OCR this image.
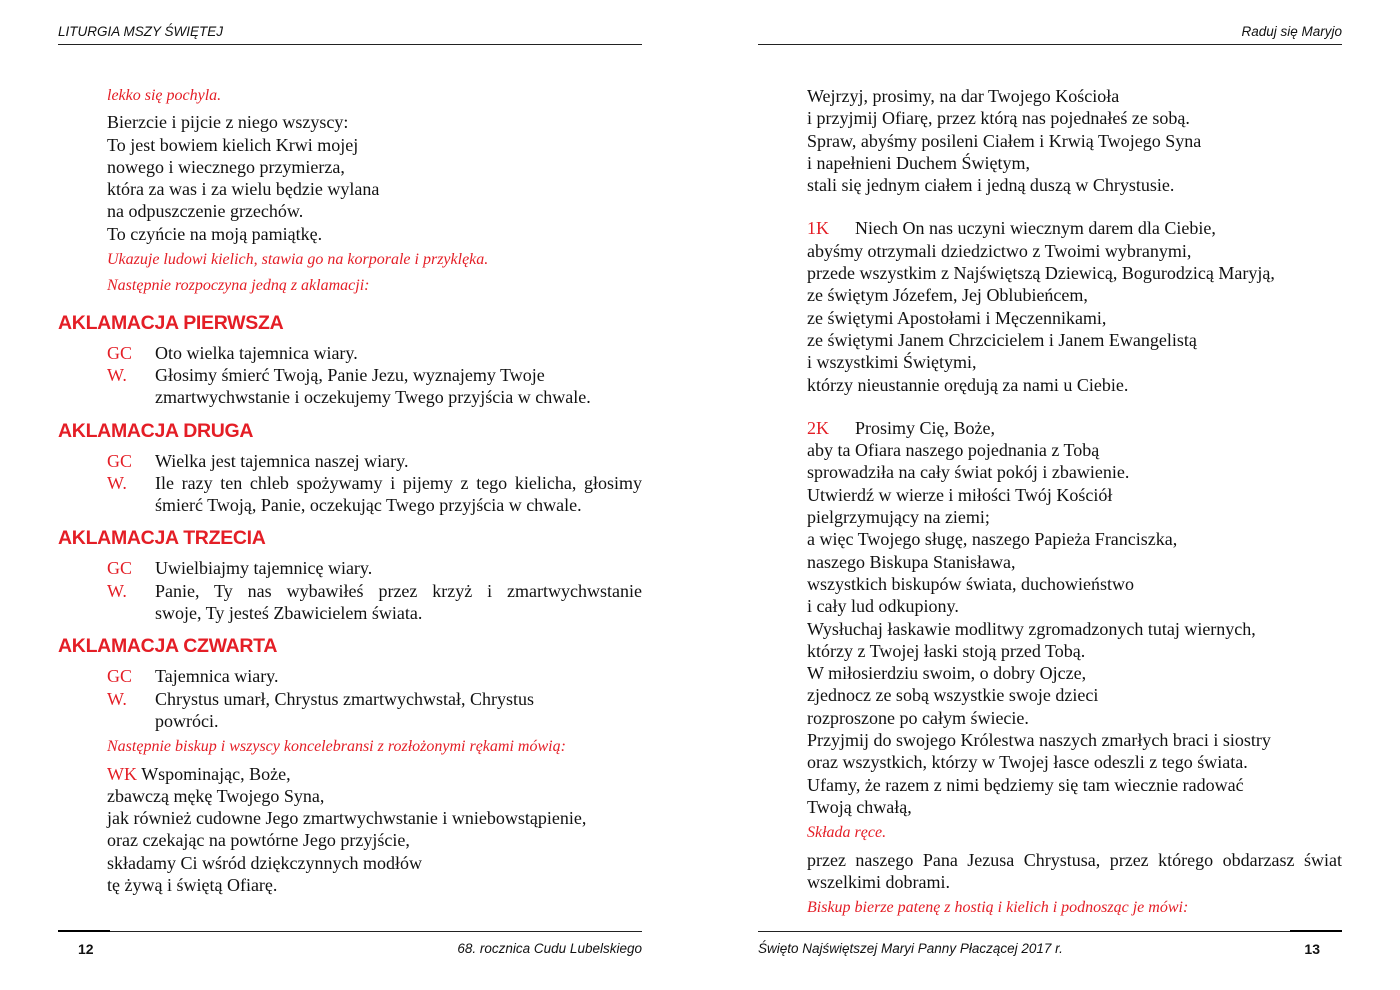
LITURGIA MSZY ŚWIĘTEJ
lekko się pochyla.
Bierzcie i pijcie z niego wszyscy:
To jest bowiem kielich Krwi mojej
nowego i wiecznego przymierza,
która za was i za wielu będzie wylana
na odpuszczenie grzechów.
To czyńcie na moją pamiątkę.
Ukazuje ludowi kielich, stawia go na korporale i przyklęka.
Następnie rozpoczyna jedną z aklamacji:
AKLAMACJA PIERWSZA
GC	Oto wielka tajemnica wiary.
W.	Głosimy śmierć Twoją, Panie Jezu, wyznajemy Twoje
zmartwychwstanie i oczekujemy Twego przyjścia w chwale.
AKLAMACJA DRUGA
GC	Wielka jest tajemnica naszej wiary.
W.	Ile razy ten chleb spożywamy i pijemy z tego kielicha, głosimy
śmierć Twoją, Panie, oczekując Twego przyjścia w chwale.
AKLAMACJA TRZECIA
GC	Uwielbiajmy tajemnicę wiary.
W.	Panie, Ty nas wybawiłeś przez krzyż i zmartwychwstanie
swoje, Ty jesteś Zbawicielem świata.
AKLAMACJA CZWARTA
GC	Tajemnica wiary.
W.	Chrystus umarł, Chrystus zmartwychwstał, Chrystus
powróci.
Następnie biskup i wszyscy koncelebransi z rozłożonymi rękami mówią:
WK Wspominając, Boże,
zbawczą mękę Twojego Syna,
jak również cudowne Jego zmartwychwstanie i wniebowstąpienie,
oraz czekając na powtórne Jego przyjście,
składamy Ci wśród dziękczynnych modłów
tę żywą i świętą Ofiarę.
12	68. rocznica Cudu Lubelskiego
Raduj się Maryjo
Wejrzyj, prosimy, na dar Twojego Kościoła
i przyjmij Ofiarę, przez którą nas pojednałeś ze sobą.
Spraw, abyśmy posileni Ciałem i Krwią Twojego Syna
i napełnieni Duchem Świętym,
stali się jednym ciałem i jedną duszą w Chrystusie.
1K Niech On nas uczyni wiecznym darem dla Ciebie,
abyśmy otrzymali dziedzictwo z Twoimi wybranymi,
przede wszystkim z Najświętszą Dziewicą, Bogurodzicą Maryją,
ze świętym Józefem, Jej Oblubieńcem,
ze świętymi Apostołami i Męczennikami,
ze świętymi Janem Chrzcicielem i Janem Ewangelistą
i wszystkimi Świętymi,
którzy nieustannie orędują za nami u Ciebie.
2K Prosimy Cię, Boże,
aby ta Ofiara naszego pojednania z Tobą
sprowadziła na cały świat pokój i zbawienie.
Utwierdź w wierze i miłości Twój Kościół
pielgrzymujący na ziemi;
a więc Twojego sługę, naszego Papieża Franciszka,
naszego Biskupa Stanisława,
wszystkich biskupów świata, duchowieństwo
i cały lud odkupiony.
Wysłuchaj łaskawie modlitwy zgromadzonych tutaj wiernych,
którzy z Twojej łaski stoją przed Tobą.
W miłosierdziu swoim, o dobry Ojcze,
zjednocz ze sobą wszystkie swoje dzieci
rozproszone po całym świecie.
Przyjmij do swojego Królestwa naszych zmarłych braci i siostry
oraz wszystkich, którzy w Twojej łasce odeszli z tego świata.
Ufamy, że razem z nimi będziemy się tam wiecznie radować
Twoją chwałą,
Składa ręce.
przez naszego Pana Jezusa Chrystusa, przez którego obdarzasz świat wszelkimi dobrami.
Biskup bierze patenę z hostią i kielich i podnosząc je mówi:
Święto Najświętszej Maryi Panny Płaczącej 2017 r.	13
